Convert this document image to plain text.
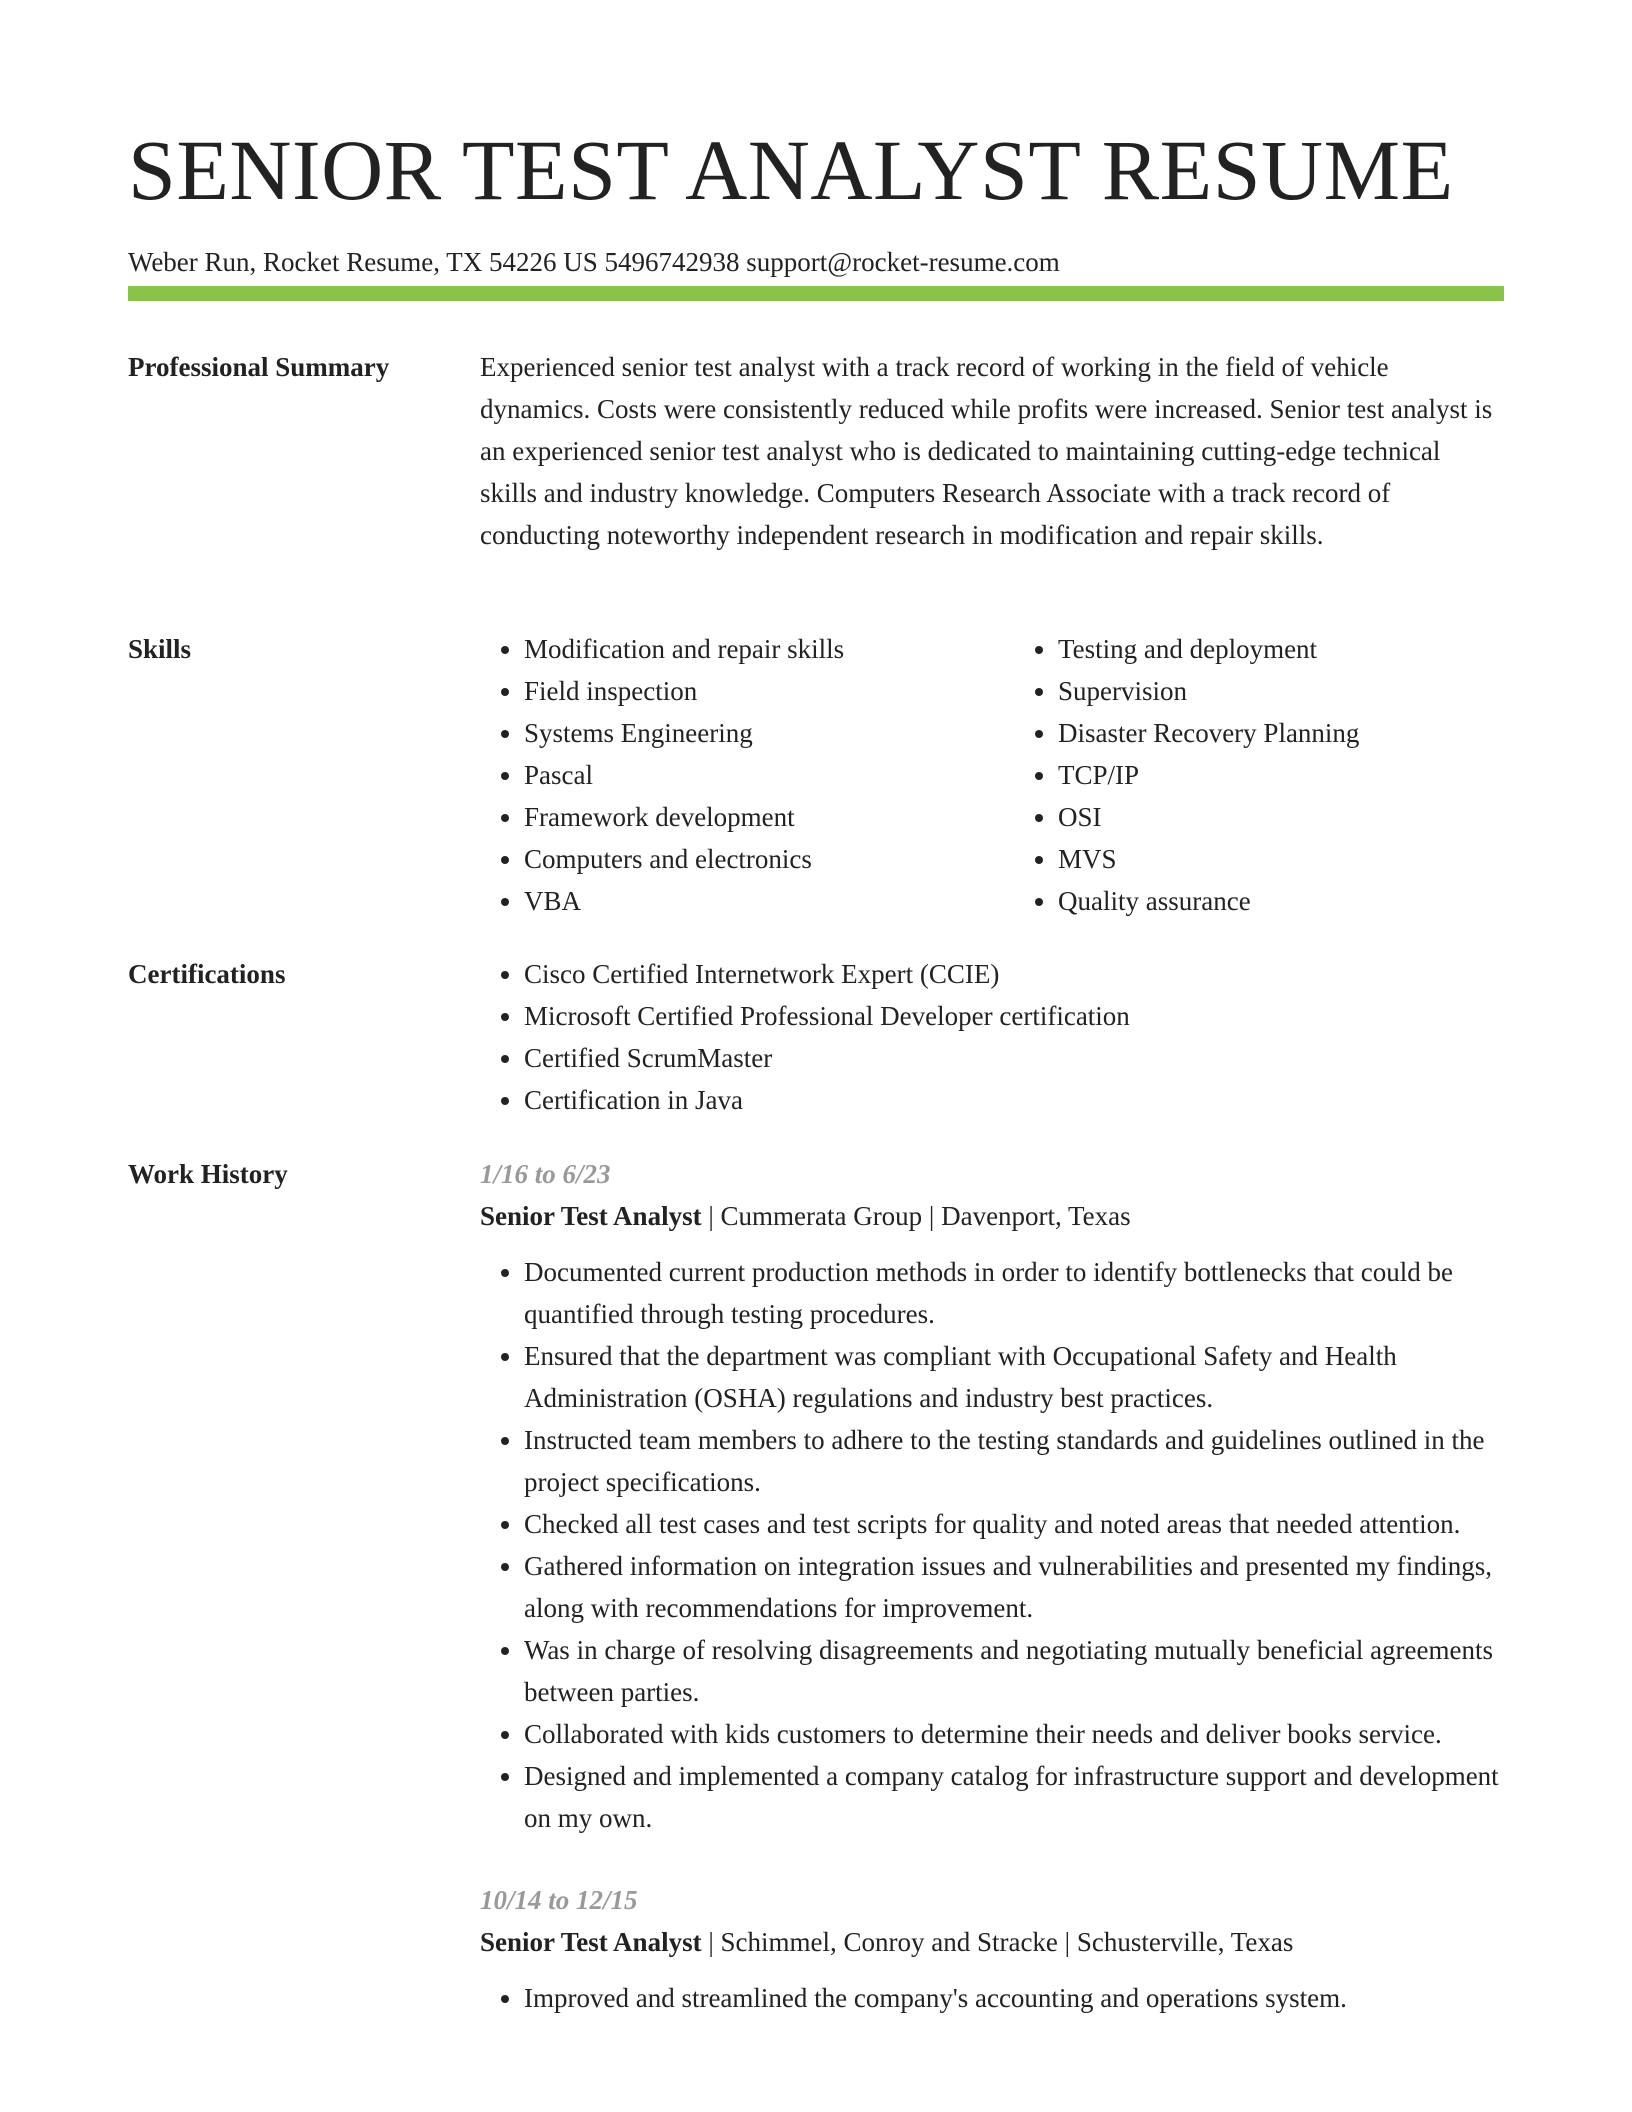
SENIOR TEST ANALYST RESUME
Weber Run, Rocket Resume, TX 54226 US 5496742938 support@rocket-resume.com
Professional Summary	Experienced senior test analyst with a track record of working in the field of vehicle dynamics. Costs were consistently reduced while profits were increased. Senior test analyst is an experienced senior test analyst who is dedicated to maintaining cutting-edge technical skills and industry knowledge. Computers Research Associate with a track record of conducting noteworthy independent research in modification and repair skills.

Skills	• Modification and repair skills
• Field inspection
• Systems Engineering
• Pascal
• Framework development
• Computers and electronics
• VBA
• Testing and deployment
• Supervision
• Disaster Recovery Planning
• TCP/IP
• OSI
• MVS
• Quality assurance
Certifications	• Cisco Certified Internetwork Expert (CCIE)
• Microsoft Certified Professional Developer certification
• Certified ScrumMaster
• Certification in Java
Work History	1/16 to 6/23
Senior Test Analyst | Cummerata Group | Davenport, Texas
• Documented current production methods in order to identify bottlenecks that could be quantified through testing procedures.
• Ensured that the department was compliant with Occupational Safety and Health Administration (OSHA) regulations and industry best practices.
• Instructed team members to adhere to the testing standards and guidelines outlined in the project specifications.
• Checked all test cases and test scripts for quality and noted areas that needed attention.
• Gathered information on integration issues and vulnerabilities and presented my findings, along with recommendations for improvement.
• Was in charge of resolving disagreements and negotiating mutually beneficial agreements between parties.
• Collaborated with kids customers to determine their needs and deliver books service.
• Designed and implemented a company catalog for infrastructure support and development on my own.
10/14 to 12/15
Senior Test Analyst | Schimmel, Conroy and Stracke | Schusterville, Texas
• Improved and streamlined the company's accounting and operations system.
